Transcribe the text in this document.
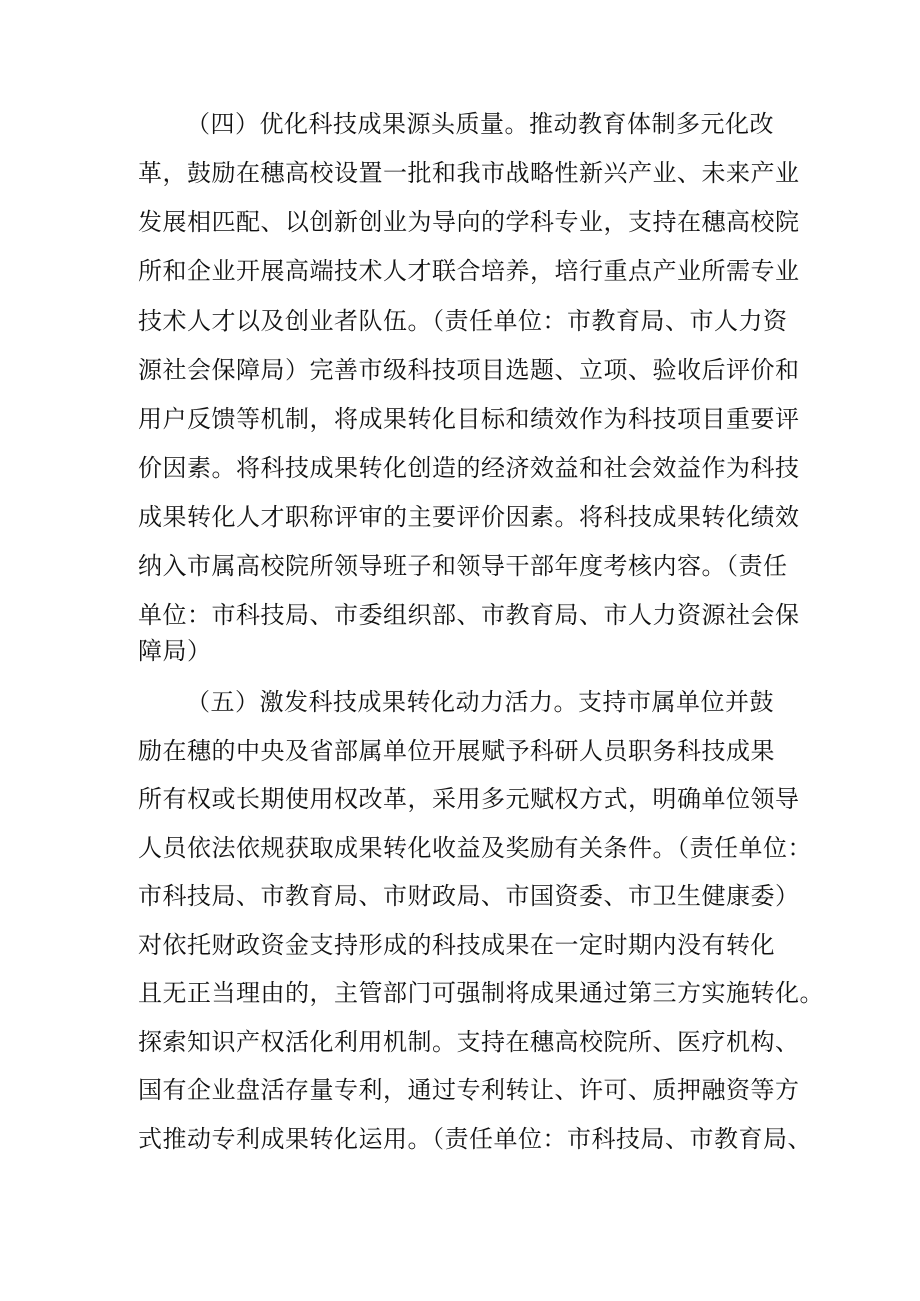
（四）优化科技成果源头质量。推动教育体制多元化改
革，鼓励在穗高校设置一批和我市战略性新兴产业、未来产业
发展相匹配、以创新创业为导向的学科专业，支持在穗高校院
所和企业开展高端技术人才联合培养，培行重点产业所需专业
技术人才以及创业者队伍。（责任单位：市教育局、市人力资
源社会保障局）完善市级科技项目选题、立项、验收后评价和
用户反馈等机制，将成果转化目标和绩效作为科技项目重要评
价因素。将科技成果转化创造的经济效益和社会效益作为科技
成果转化人才职称评审的主要评价因素。将科技成果转化绩效
纳入市属高校院所领导班子和领导干部年度考核内容。（责任
单位：市科技局、市委组织部、市教育局、市人力资源社会保
障局）
（五）激发科技成果转化动力活力。支持市属单位并鼓
励在穗的中央及省部属单位开展赋予科研人员职务科技成果
所有权或长期使用权改革，采用多元赋权方式，明确单位领导
人员依法依规获取成果转化收益及奖励有关条件。（责任单位：
市科技局、市教育局、市财政局、市国资委、市卫生健康委）
对依托财政资金支持形成的科技成果在一定时期内没有转化
且无正当理由的，主管部门可强制将成果通过第三方实施转化。
探索知识产权活化利用机制。支持在穗高校院所、医疗机构、
国有企业盘活存量专利，通过专利转让、许可、质押融资等方
式推动专利成果转化运用。（责任单位：市科技局、市教育局、
